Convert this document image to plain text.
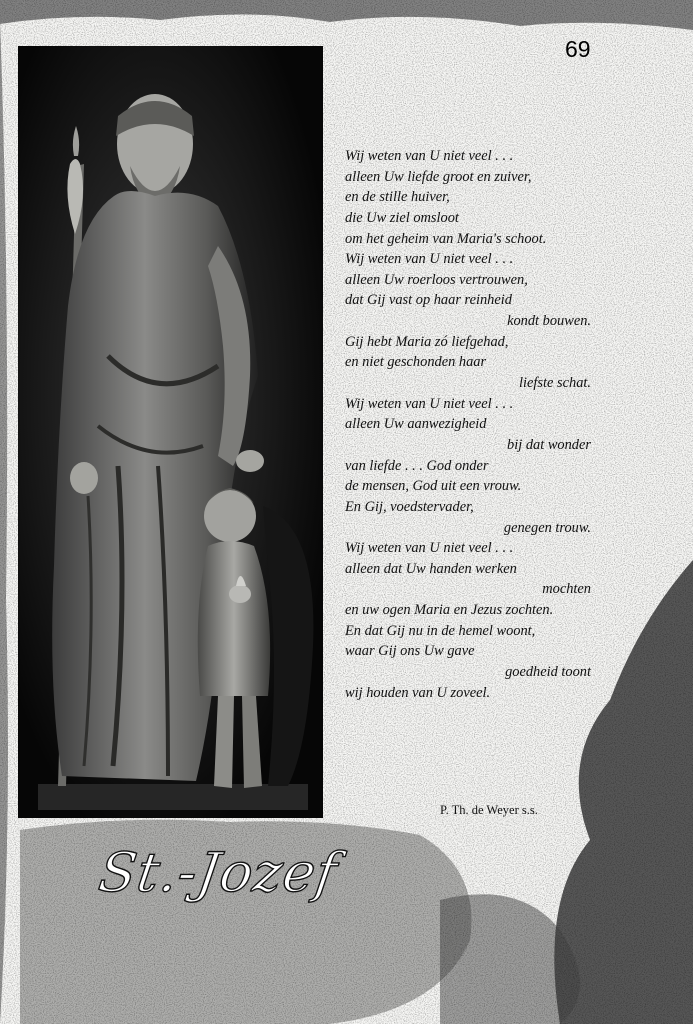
69
Wij weten van U niet veel . . .
alleen Uw liefde groot en zuiver,
en de stille huiver,
die Uw ziel omsloot
om het geheim van Maria's schoot.
Wij weten van U niet veel . . .
alleen Uw roerloos vertrouwen,
dat Gij vast op haar reinheid
kondt bouwen.
Gij hebt Maria zó liefgehad,
en niet geschonden haar
liefste schat.
Wij weten van U niet veel . . .
alleen Uw aanwezigheid
bij dat wonder
van liefde . . . God onder
de mensen, God uit een vrouw.
En Gij, voedstervader,
genegen trouw.
Wij weten van U niet veel . . .
alleen dat Uw handen werken
mochten
en uw ogen Maria en Jezus zochten.
En dat Gij nu in de hemel woont,
waar Gij ons Uw gave
goedheid toont
wij houden van U zoveel.
P. Th. de Weyer s.s.
St.-Jozef
